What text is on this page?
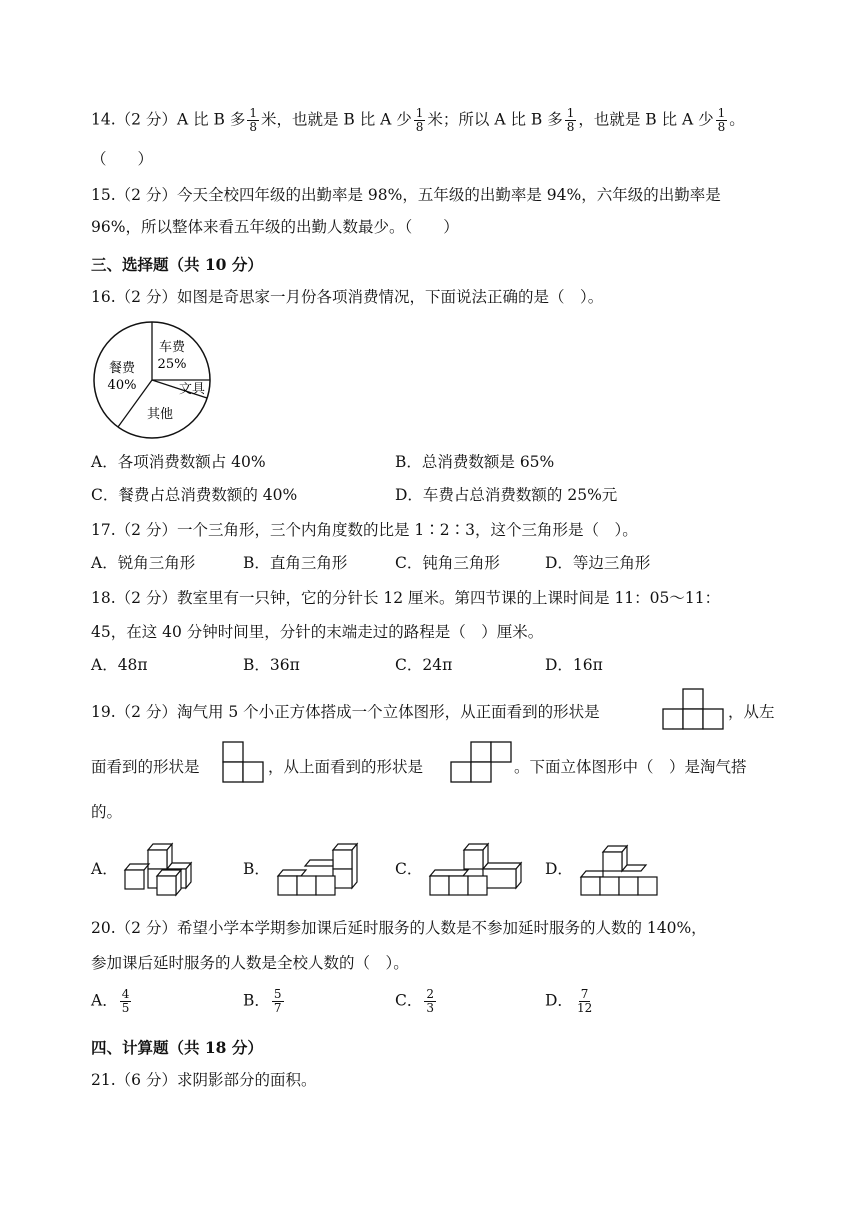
14.（2 分）A 比 B 多 $\frac{1}{8}$ 米，也就是 B 比 A 少 $\frac{1}{8}$ 米；所以 A 比 B 多 $\frac{1}{8}$ ，也就是 B 比 A 少 $\frac{1}{8}$ 。
（　　）
15.（2 分）今天全校四年级的出勤率是 98%，五年级的出勤率是 94%，六年级的出勤率是
96%，所以整体来看五年级的出勤人数最少。（　　）
三、选择题（共 10 分）
16.（2 分）如图是奇思家一月份各项消费情况，下面说法正确的是（　）。
车费
25%
餐费
40%	文具
其他
A．各项消费数额占 40%	B．总消费数额是 65%
C．餐费占总消费数额的 40%	D．车费占总消费数额的 25%元
17.（2 分）一个三角形，三个内角度数的比是 1∶2∶3，这个三角形是（　）。
A．锐角三角形	B．直角三角形	C．钝角三角形	D．等边三角形
18.（2 分）教室里有一只钟，它的分针长 12 厘米。第四节课的上课时间是 11：05～11：
45，在这 40 分钟时间里，分针的末端走过的路程是（　）厘米。
A．48π	B．36π	C．24π	D．16π
19.（2 分）淘气用 5 个小正方体搭成一个立体图形，从正面看到的形状是	，从左
面看到的形状是	，从上面看到的形状是	。下面立体图形中（　）是淘气搭
的。
A．	B．	C．	D．
20.（2 分）希望小学本学期参加课后延时服务的人数是不参加延时服务的人数的 140%，
参加课后延时服务的人数是全校人数的（　）。
A． $\frac{4}{5}$	B． $\frac{5}{7}$	C． $\frac{2}{3}$	D． $\frac{7}{12}$
四、计算题（共 18 分）
21.（6 分）求阴影部分的面积。
